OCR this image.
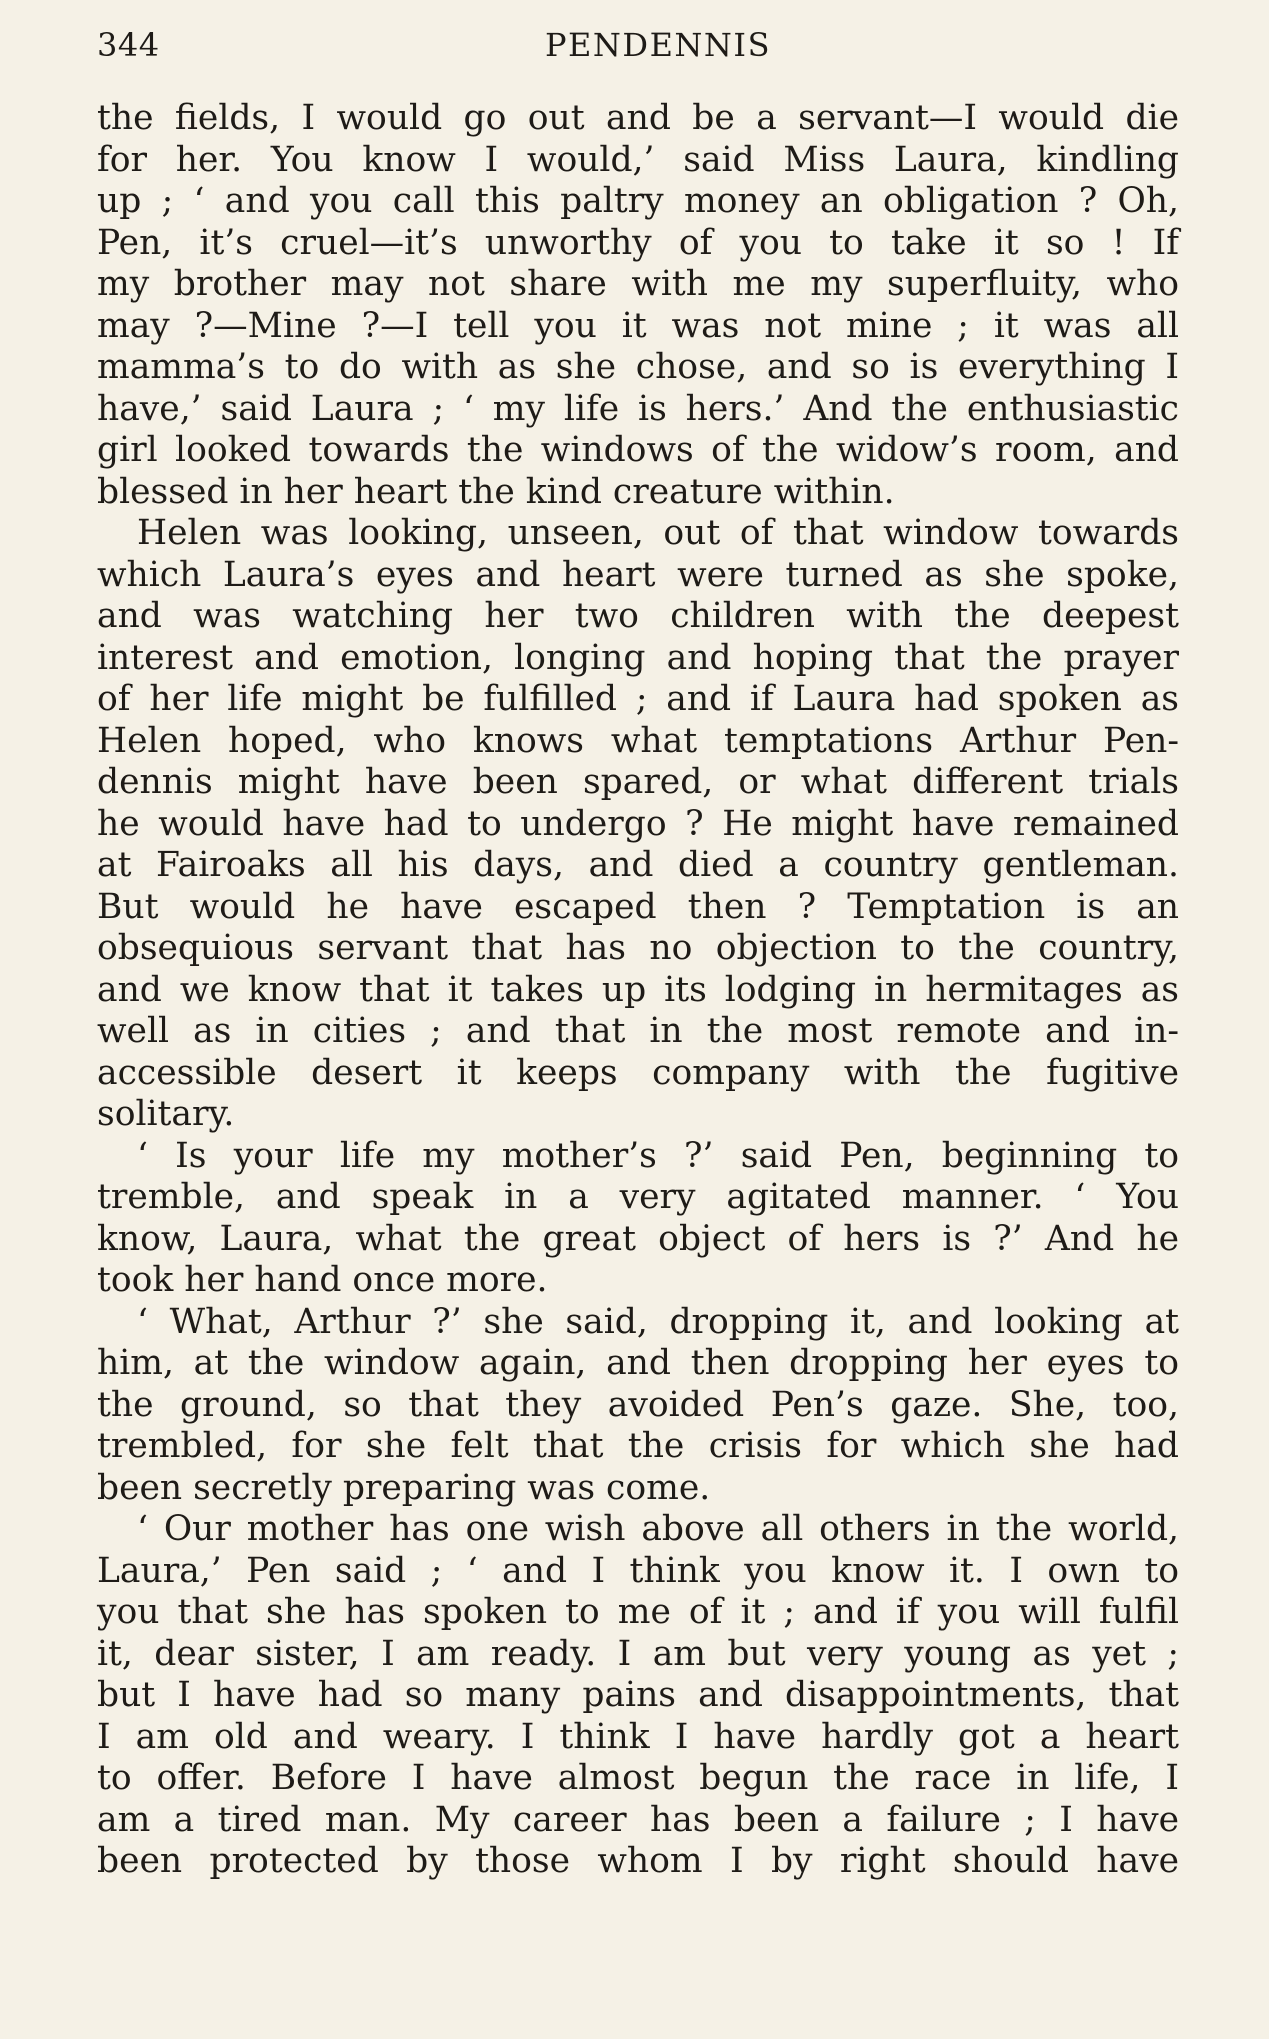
344	PENDENNIS
the fields, I would go out and be a servant—I would die
for her. You know I would,’ said Miss Laura, kindling
up ; ‘ and you call this paltry money an obligation ? Oh,
Pen, it’s cruel—it’s unworthy of you to take it so ! If
my brother may not share with me my superfluity, who
may ?—Mine ?—I tell you it was not mine ; it was all
mamma’s to do with as she chose, and so is everything I
have,’ said Laura ; ‘ my life is hers.’ And the enthusiastic
girl looked towards the windows of the widow’s room, and
blessed in her heart the kind creature within.
Helen was looking, unseen, out of that window towards
which Laura’s eyes and heart were turned as she spoke,
and was watching her two children with the deepest
interest and emotion, longing and hoping that the prayer
of her life might be fulfilled ; and if Laura had spoken as
Helen hoped, who knows what temptations Arthur Pen-
dennis might have been spared, or what different trials
he would have had to undergo ? He might have remained
at Fairoaks all his days, and died a country gentleman.
But would he have escaped then ? Temptation is an
obsequious servant that has no objection to the country,
and we know that it takes up its lodging in hermitages as
well as in cities ; and that in the most remote and in-
accessible desert it keeps company with the fugitive
solitary.
‘ Is your life my mother’s ?’ said Pen, beginning to
tremble, and speak in a very agitated manner. ‘ You
know, Laura, what the great object of hers is ?’ And he
took her hand once more.
‘ What, Arthur ?’ she said, dropping it, and looking at
him, at the window again, and then dropping her eyes to
the ground, so that they avoided Pen’s gaze. She, too,
trembled, for she felt that the crisis for which she had
been secretly preparing was come.
‘ Our mother has one wish above all others in the world,
Laura,’ Pen said ; ‘ and I think you know it. I own to
you that she has spoken to me of it ; and if you will fulfil
it, dear sister, I am ready. I am but very young as yet ;
but I have had so many pains and disappointments, that
I am old and weary. I think I have hardly got a heart
to offer. Before I have almost begun the race in life, I
am a tired man. My career has been a failure ; I have
been protected by those whom I by right should have
